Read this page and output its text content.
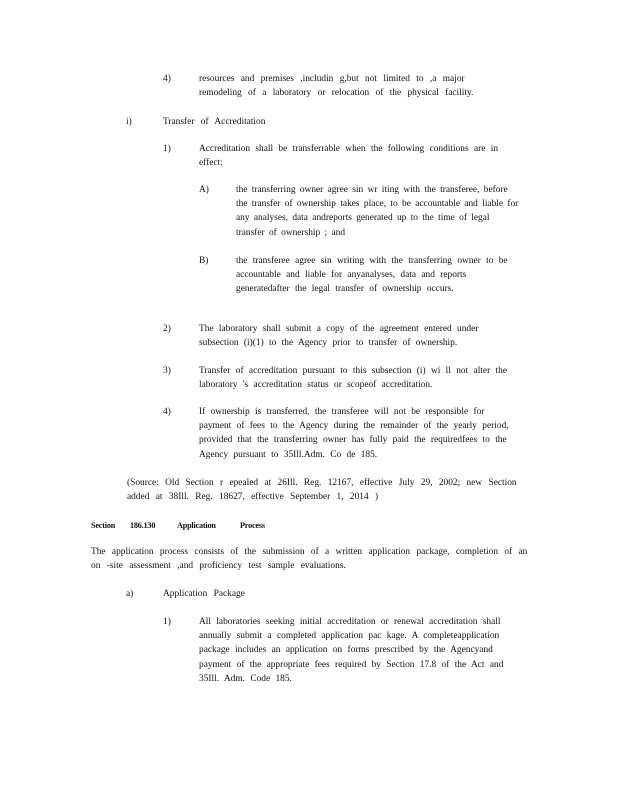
4)	resources and premises ,includin g,but not limited to ,a major remodeling of a laboratory or relocation of the physical facility.
i)	Transfer of Accreditation
1)	Accreditation shall be transferrable when the following conditions are in effect:
A)	the transferring owner agree sin wr iting with the transferee, before the transfer of ownership takes place, to be accountable and liable for any analyses, data andreports generated up to the time of legal transfer of ownership ; and
B)	the transferee agree sin writing with the transferring owner to be accountable and liable for anyanalyses, data and reports generatedafter the legal transfer of ownership occurs.
2)	The laboratory shall submit a copy of the agreement entered under subsection (i)(1) to the Agency prior to transfer of ownership.
3)	Transfer of accreditation pursuant to this subsection (i) wi ll not alter the laboratory 's accreditation status or scopeof accreditation.
4)	If ownership is transferred, the transferee will not be responsible for payment of fees to the Agency during the remainder of the yearly period, provided that the transferring owner has fully paid the requiredfees to the Agency pursuant to 35Ill.Adm. Co de 185.
(Source: Old Section r epealed at 26Ill. Reg. 12167, effective July 29, 2002; new Section added at 38Ill. Reg. 18627, effective September 1, 2014 )
Section 186.130	Application	Process
The application process consists of the submission of a written application package, completion of an on -site assessment ,and proficiency test sample evaluations.
a)	Application Package
1)	All laboratories seeking initial accreditation or renewal accreditation shall annually submit a completed application pac kage. A completeapplication package includes an application on forms prescribed by the Agencyand payment of the appropriate fees required by Section 17.8 of the Act and 35Ill. Adm. Code 185.
